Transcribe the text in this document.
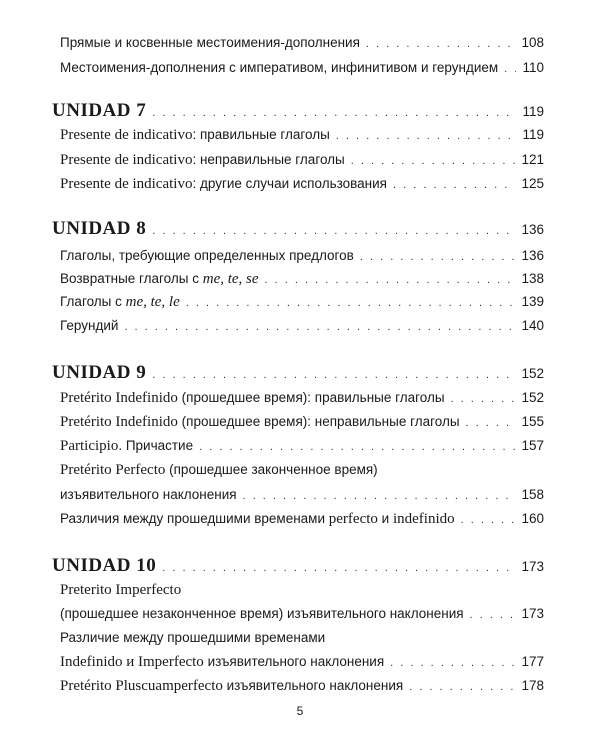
Прямые и косвенные местоимения-дополнения . . .	108
Местоимения-дополнения с императивом, инфинитивом и герундием . . . 110
UNIDAD 7 . . .	119
Presente de indicativo: правильные глаголы . . .	119
Presente de indicativo: неправильные глаголы . . .	121
Presente de indicativo: другие случаи использования . . .	125
UNIDAD 8 . . .	136
Глаголы, требующие определенных предлогов . . .	136
Возвратные глаголы с me, te, se . . .	138
Глаголы с me, te, le . . .	139
Герундий . . .	140
UNIDAD 9 . . .	152
Pretérito Indefinido (прошедшее время): правильные глаголы . . .	152
Pretérito Indefinido (прошедшее время): неправильные глаголы . . .	155
Participio. Причастие . . .	157
Pretérito Perfecto (прошедшее законченное время)
изъявительного наклонения . . .	158
Различия между прошедшими временами perfecto и indefinido . . .	160
UNIDAD 10 . . .	173
Preterito Imperfecto
(прошедшее незаконченное время) изъявительного наклонения . . .	173
Различие между прошедшими временами
Indefinido и Imperfecto изъявительного наклонения . . .	177
Pretérito Pluscuamperfecto изъявительного наклонения . . .	178
5
